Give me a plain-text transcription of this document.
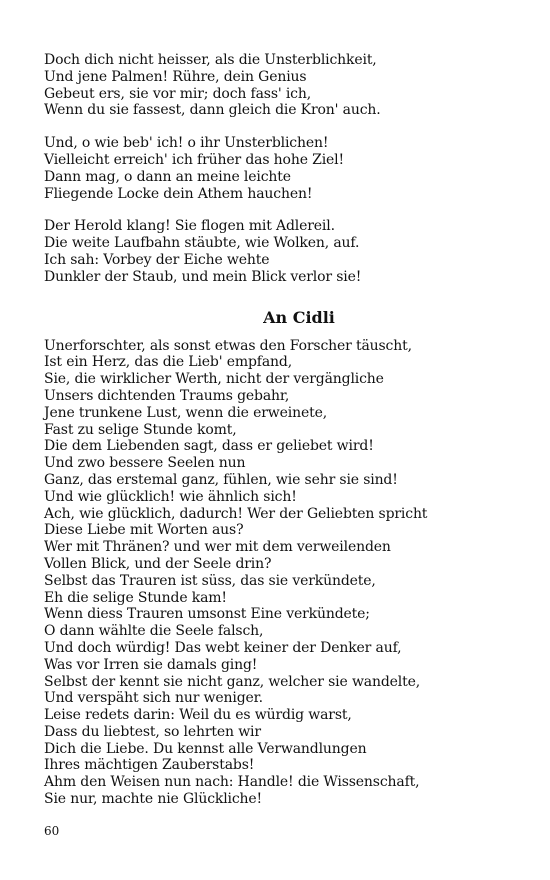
Doch dich nicht heisser, als die Unsterblichkeit,
Und jene Palmen! Rühre, dein Genius
Gebeut ers, sie vor mir; doch fass' ich,
Wenn du sie fassest, dann gleich die Kron' auch.
Und, o wie beb' ich! o ihr Unsterblichen!
Vielleicht erreich' ich früher das hohe Ziel!
Dann mag, o dann an meine leichte
Fliegende Locke dein Athem hauchen!
Der Herold klang! Sie flogen mit Adlereil.
Die weite Laufbahn stäubte, wie Wolken, auf.
Ich sah: Vorbey der Eiche wehte
Dunkler der Staub, und mein Blick verlor sie!
An Cidli
Unerforschter, als sonst etwas den Forscher täuscht,
Ist ein Herz, das die Lieb' empfand,
Sie, die wirklicher Werth, nicht der vergängliche
Unsers dichtenden Traums gebahr,
Jene trunkene Lust, wenn die erweinete,
Fast zu selige Stunde komt,
Die dem Liebenden sagt, dass er geliebet wird!
Und zwo bessere Seelen nun
Ganz, das erstemal ganz, fühlen, wie sehr sie sind!
Und wie glücklich! wie ähnlich sich!
Ach, wie glücklich, dadurch! Wer der Geliebten spricht
Diese Liebe mit Worten aus?
Wer mit Thränen? und wer mit dem verweilenden
Vollen Blick, und der Seele drin?
Selbst das Trauren ist süss, das sie verkündete,
Eh die selige Stunde kam!
Wenn diess Trauren umsonst Eine verkündete;
O dann wählte die Seele falsch,
Und doch würdig! Das webt keiner der Denker auf,
Was vor Irren sie damals ging!
Selbst der kennt sie nicht ganz, welcher sie wandelte,
Und verspäht sich nur weniger.
Leise redets darin: Weil du es würdig warst,
Dass du liebtest, so lehrten wir
Dich die Liebe. Du kennst alle Verwandlungen
Ihres mächtigen Zauberstabs!
Ahm den Weisen nun nach: Handle! die Wissenschaft,
Sie nur, machte nie Glückliche!
60
